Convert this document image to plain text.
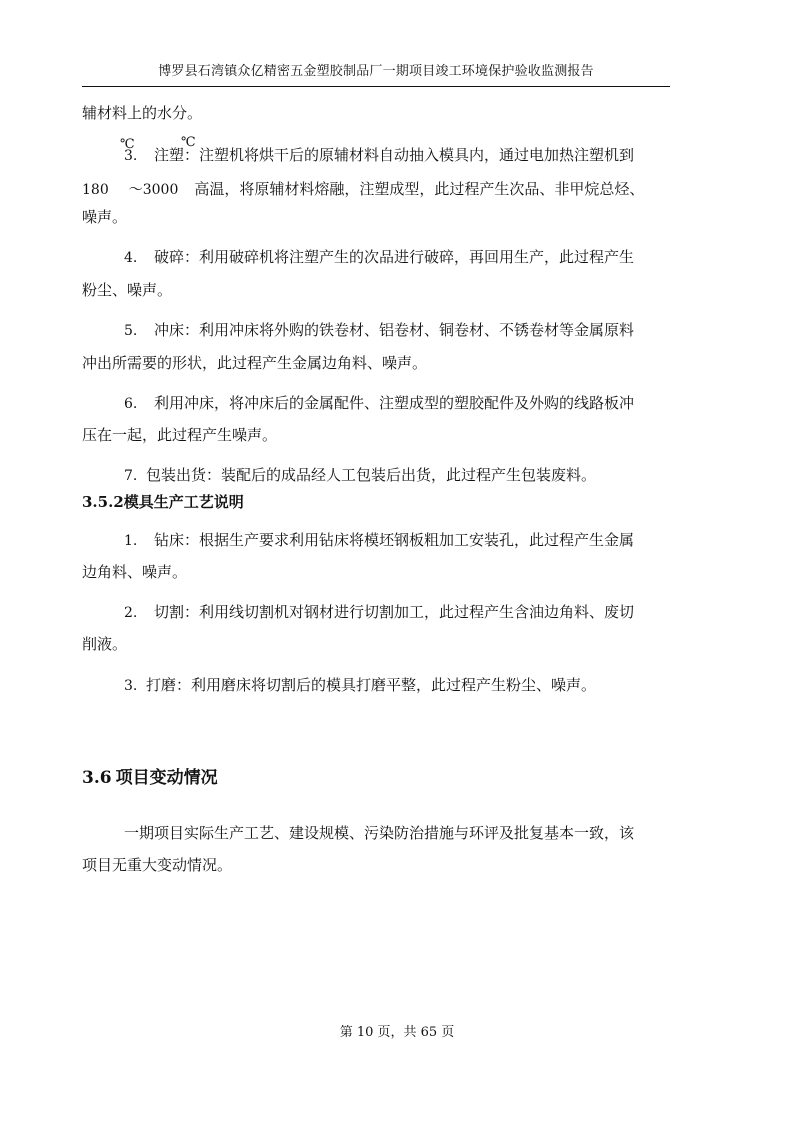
博罗县石湾镇众亿精密五金塑胶制品厂一期项目竣工环境保护验收监测报告
辅材料上的水分。
℃	℃
3. 注塑：注塑机将烘干后的原辅材料自动抽入模具内，通过电加热注塑机到
180 ～3000 高温，将原辅材料熔融，注塑成型，此过程产生次品、非甲烷总烃、
噪声。
4. 破碎：利用破碎机将注塑产生的次品进行破碎，再回用生产，此过程产生
粉尘、噪声。
5. 冲床：利用冲床将外购的铁卷材、铝卷材、铜卷材、不锈卷材等金属原料
冲出所需要的形状，此过程产生金属边角料、噪声。
6. 利用冲床，将冲床后的金属配件、注塑成型的塑胶配件及外购的线路板冲
压在一起，此过程产生噪声。
7. 包装出货：装配后的成品经人工包装后出货，此过程产生包装废料。
3.5.2模具生产工艺说明
1. 钻床：根据生产要求利用钻床将模坯钢板粗加工安装孔，此过程产生金属
边角料、噪声。
2. 切割：利用线切割机对钢材进行切割加工，此过程产生含油边角料、废切
削液。
3. 打磨：利用磨床将切割后的模具打磨平整，此过程产生粉尘、噪声。
3.6 项目变动情况
一期项目实际生产工艺、建设规模、污染防治措施与环评及批复基本一致，该
项目无重大变动情况。
第 10 页，共 65 页
